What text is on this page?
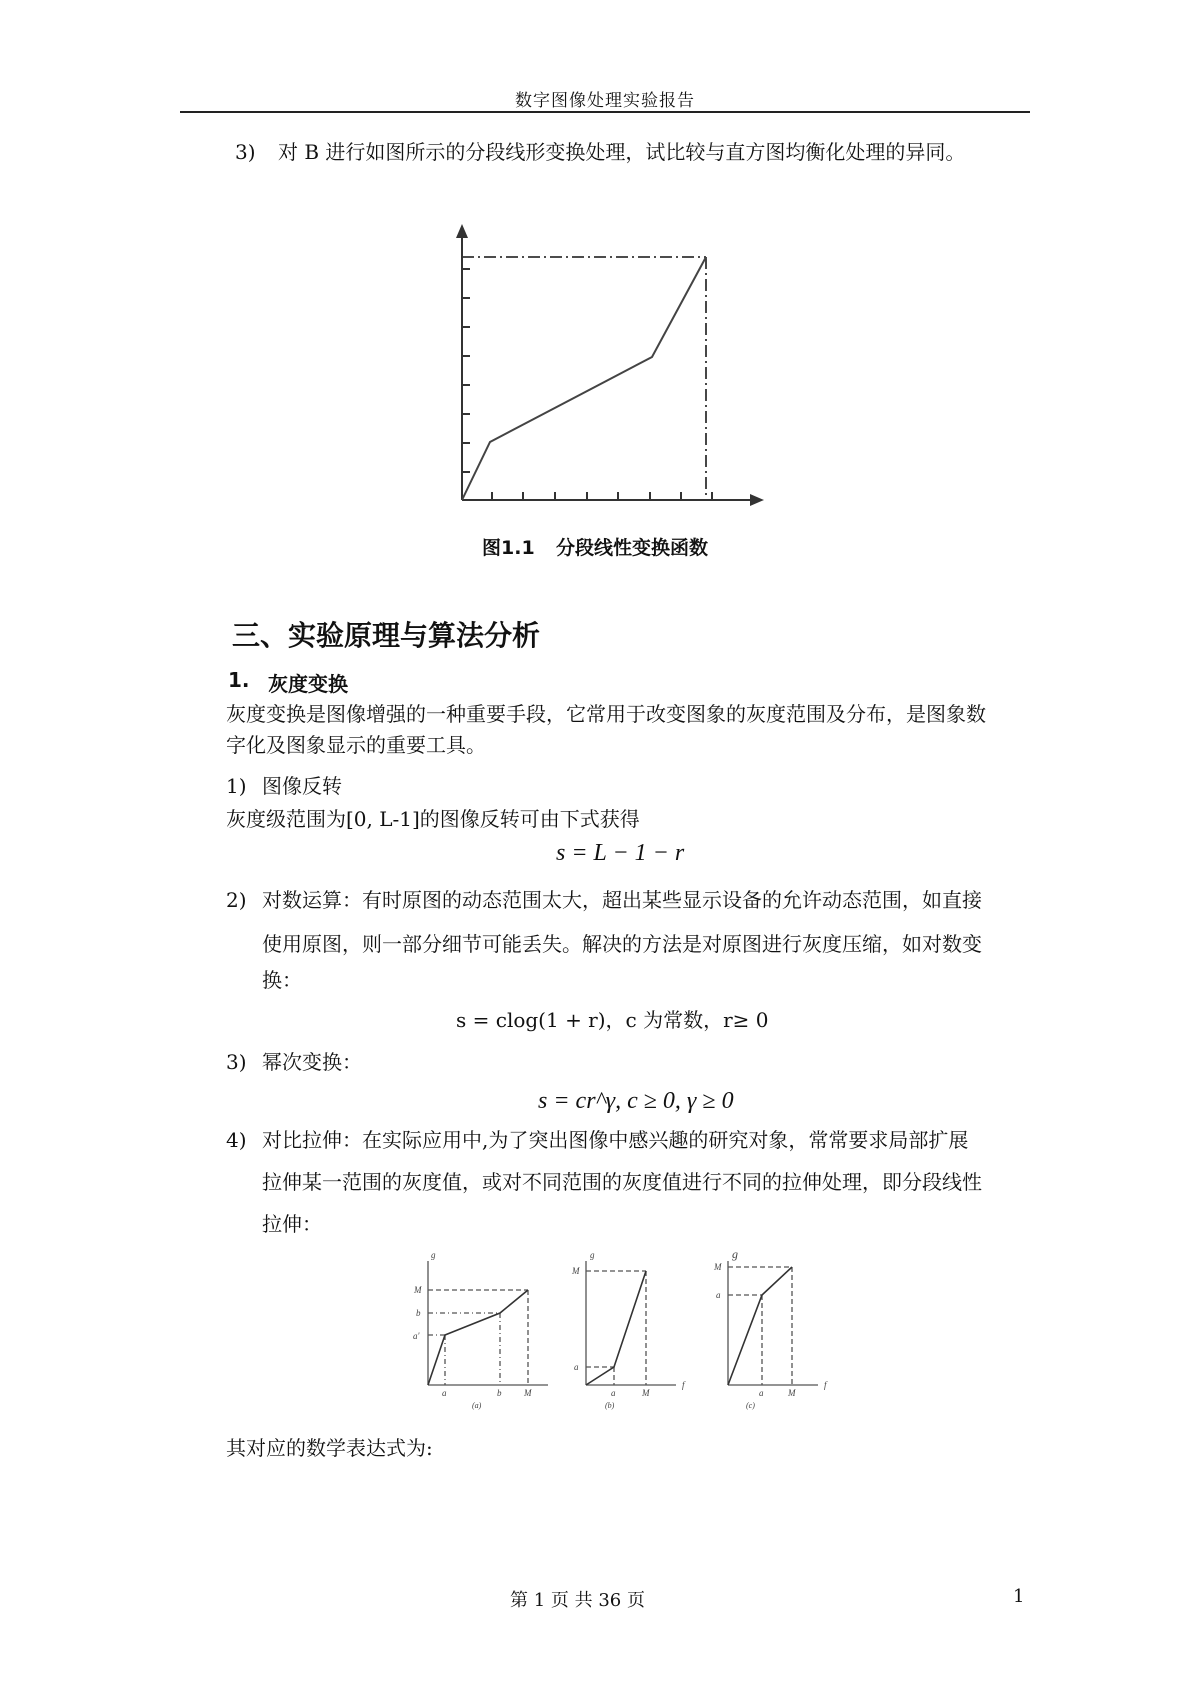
数字图像处理实验报告
3) 对 B 进行如图所示的分段线形变换处理，试比较与直方图均衡化处理的异同。
图1.1 分段线性变换函数
三、实验原理与算法分析
1. 灰度变换
灰度变换是图像增强的一种重要手段，它常用于改变图象的灰度范围及分布，是图象数
字化及图象显示的重要工具。
1) 图像反转
灰度级范围为[0, L-1]的图像反转可由下式获得
s = L − 1 − r
2) 对数运算：有时原图的动态范围太大，超出某些显示设备的允许动态范围，如直接
使用原图，则一部分细节可能丢失。解决的方法是对原图进行灰度压缩，如对数变
换：
s = clog(1 + r)，c 为常数，r≥ 0
3) 幂次变换：
s = cr^γ, c ≥ 0, γ ≥ 0
4) 对比拉伸：在实际应用中,为了突出图像中感兴趣的研究对象，常常要求局部扩展
拉伸某一范围的灰度值，或对不同范围的灰度值进行不同的拉伸处理，即分段线性
拉伸：
g
M
b
a'
a	b	M
(a)
g
M
a
a	M
f
(b)
g
M
a
a	M
f
(c)
其对应的数学表达式为:
第 1 页 共 36 页	1
